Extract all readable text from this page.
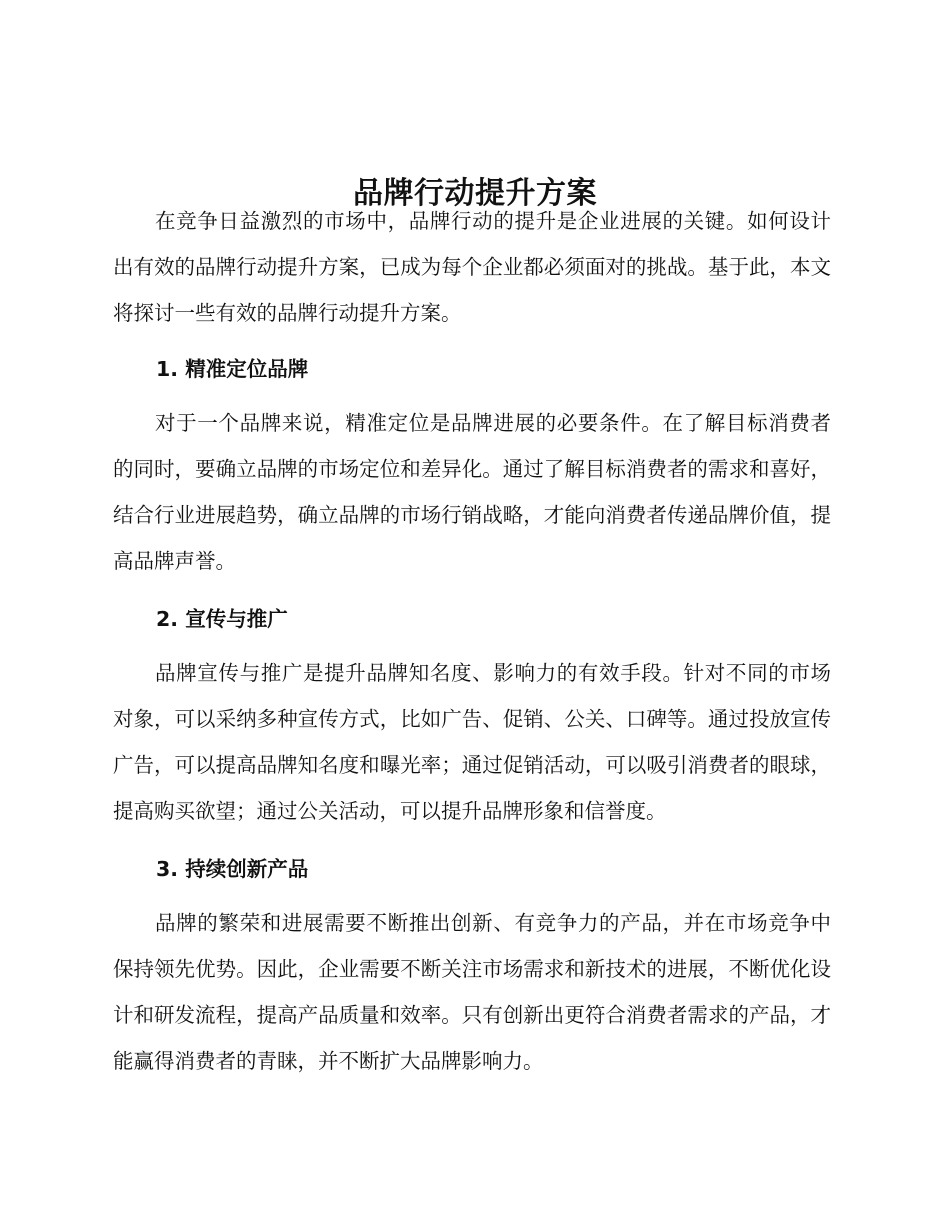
品牌行动提升方案

在竞争日益激烈的市场中，品牌行动的提升是企业进展的关键。如何设计出有效的品牌行动提升方案，已成为每个企业都必须面对的挑战。基于此，本文将探讨一些有效的品牌行动提升方案。

1. 精准定位品牌

对于一个品牌来说，精准定位是品牌进展的必要条件。在了解目标消费者的同时，要确立品牌的市场定位和差异化。通过了解目标消费者的需求和喜好，结合行业进展趋势，确立品牌的市场行销战略，才能向消费者传递品牌价值，提高品牌声誉。

2. 宣传与推广

品牌宣传与推广是提升品牌知名度、影响力的有效手段。针对不同的市场对象，可以采纳多种宣传方式，比如广告、促销、公关、口碑等。通过投放宣传广告，可以提高品牌知名度和曝光率；通过促销活动，可以吸引消费者的眼球，提高购买欲望；通过公关活动，可以提升品牌形象和信誉度。

3. 持续创新产品

品牌的繁荣和进展需要不断推出创新、有竞争力的产品，并在市场竞争中保持领先优势。因此，企业需要不断关注市场需求和新技术的进展，不断优化设计和研发流程，提高产品质量和效率。只有创新出更符合消费者需求的产品，才能赢得消费者的青睐，并不断扩大品牌影响力。
